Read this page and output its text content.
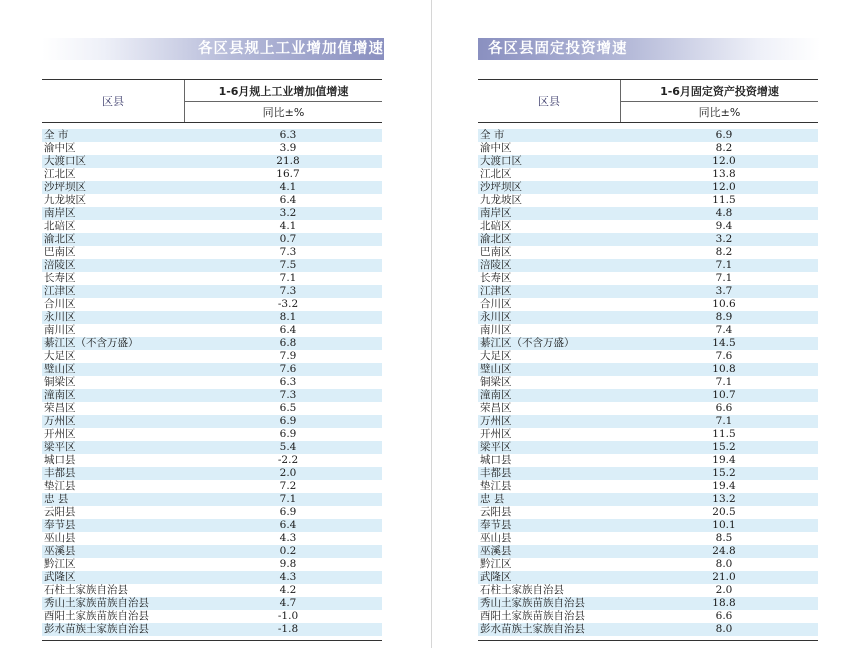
各区县规上工业增加值增速
区县
1-6月规上工业增加值增速
同比±%
全 市	6.3
渝中区	3.9
大渡口区	21.8
江北区	16.7
沙坪坝区	4.1
九龙坡区	6.4
南岸区	3.2
北碚区	4.1
渝北区	0.7
巴南区	7.3
涪陵区	7.5
长寿区	7.1
江津区	7.3
合川区	-3.2
永川区	8.1
南川区	6.4
綦江区（不含万盛）	6.8
大足区	7.9
璧山区	7.6
铜梁区	6.3
潼南区	7.3
荣昌区	6.5
万州区	6.9
开州区	6.9
梁平区	5.4
城口县	-2.2
丰都县	2.0
垫江县	7.2
忠 县	7.1
云阳县	6.9
奉节县	6.4
巫山县	4.3
巫溪县	0.2
黔江区	9.8
武隆区	4.3
石柱土家族自治县	4.2
秀山土家族苗族自治县	4.7
酉阳土家族苗族自治县	-1.0
彭水苗族土家族自治县	-1.8
各区县固定投资增速
区县
1-6月固定资产投资增速
同比±%
全 市	6.9
渝中区	8.2
大渡口区	12.0
江北区	13.8
沙坪坝区	12.0
九龙坡区	11.5
南岸区	4.8
北碚区	9.4
渝北区	3.2
巴南区	8.2
涪陵区	7.1
长寿区	7.1
江津区	3.7
合川区	10.6
永川区	8.9
南川区	7.4
綦江区（不含万盛）	14.5
大足区	7.6
璧山区	10.8
铜梁区	7.1
潼南区	10.7
荣昌区	6.6
万州区	7.1
开州区	11.5
梁平区	15.2
城口县	19.4
丰都县	15.2
垫江县	19.4
忠 县	13.2
云阳县	20.5
奉节县	10.1
巫山县	8.5
巫溪县	24.8
黔江区	8.0
武隆区	21.0
石柱土家族自治县	2.0
秀山土家族苗族自治县	18.8
酉阳土家族苗族自治县	6.6
彭水苗族土家族自治县	8.0
